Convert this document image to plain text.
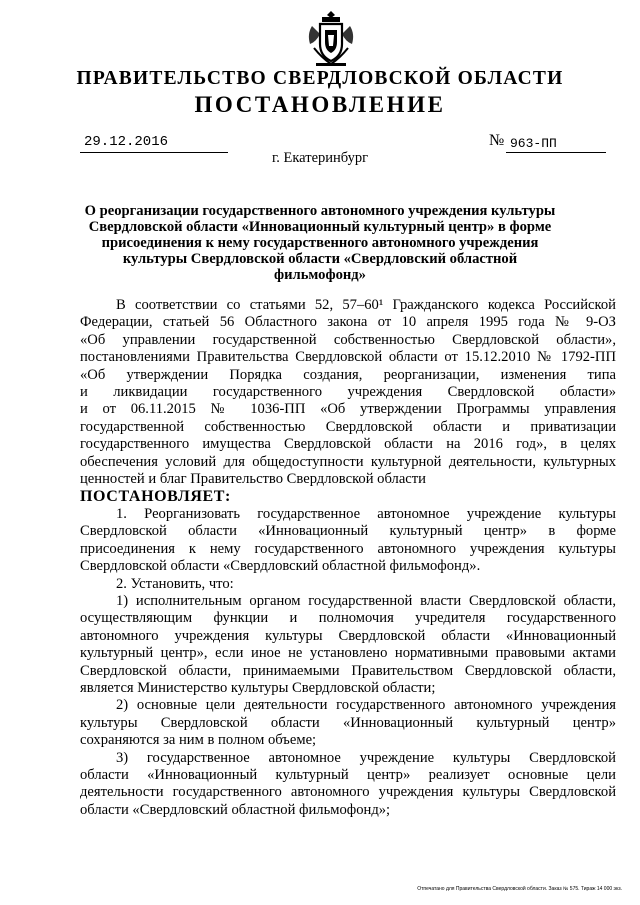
ПРАВИТЕЛЬСТВО СВЕРДЛОВСКОЙ ОБЛАСТИ
ПОСТАНОВЛЕНИЕ
29.12.2016	№ 963-ПП
г. Екатеринбург
О реорганизации государственного автономного учреждения культуры Свердловской области «Инновационный культурный центр» в форме присоединения к нему государственного автономного учреждения культуры Свердловской области «Свердловский областной фильмофонд»

В соответствии со статьями 52, 57–60¹ Гражданского кодекса Российской

Федерации, статьей 56 Областного закона от 10 апреля 1995 года № 9-ОЗ

«Об управлении государственной собственностью Свердловской области»,

постановлениями Правительства Свердловской области от 15.12.2010 № 1792-ПП

«Об утверждении Порядка создания, реорганизации, изменения типа

и ликвидации государственного учреждения Свердловской области»

и от 06.11.2015 № 1036-ПП «Об утверждении Программы управления

государственной собственностью Свердловской области и приватизации

государственного имущества Свердловской области на 2016 год», в целях

обеспечения условий для общедоступности культурной деятельности, культурных

ценностей и благ Правительство Свердловской области

ПОСТАНОВЛЯЕТ:

1. Реорганизовать государственное автономное учреждение культуры

Свердловской области «Инновационный культурный центр» в форме

присоединения к нему государственного автономного учреждения культуры

Свердловской области «Свердловский областной фильмофонд».

2. Установить, что:

1) исполнительным органом государственной власти Свердловской области,

осуществляющим функции и полномочия учредителя государственного

автономного учреждения культуры Свердловской области «Инновационный

культурный центр», если иное не установлено нормативными правовыми актами

Свердловской области, принимаемыми Правительством Свердловской области,

является Министерство культуры Свердловской области;

2) основные цели деятельности государственного автономного учреждения

культуры Свердловской области «Инновационный культурный центр»

сохраняются за ним в полном объеме;

3) государственное автономное учреждение культуры Свердловской

области «Инновационный культурный центр» реализует основные цели

деятельности государственного автономного учреждения культуры Свердловской

области «Свердловский областной фильмофонд»;

Отпечатано для Правительства Свердловской области. Заказ № 575. Тираж 14 000 экз.
